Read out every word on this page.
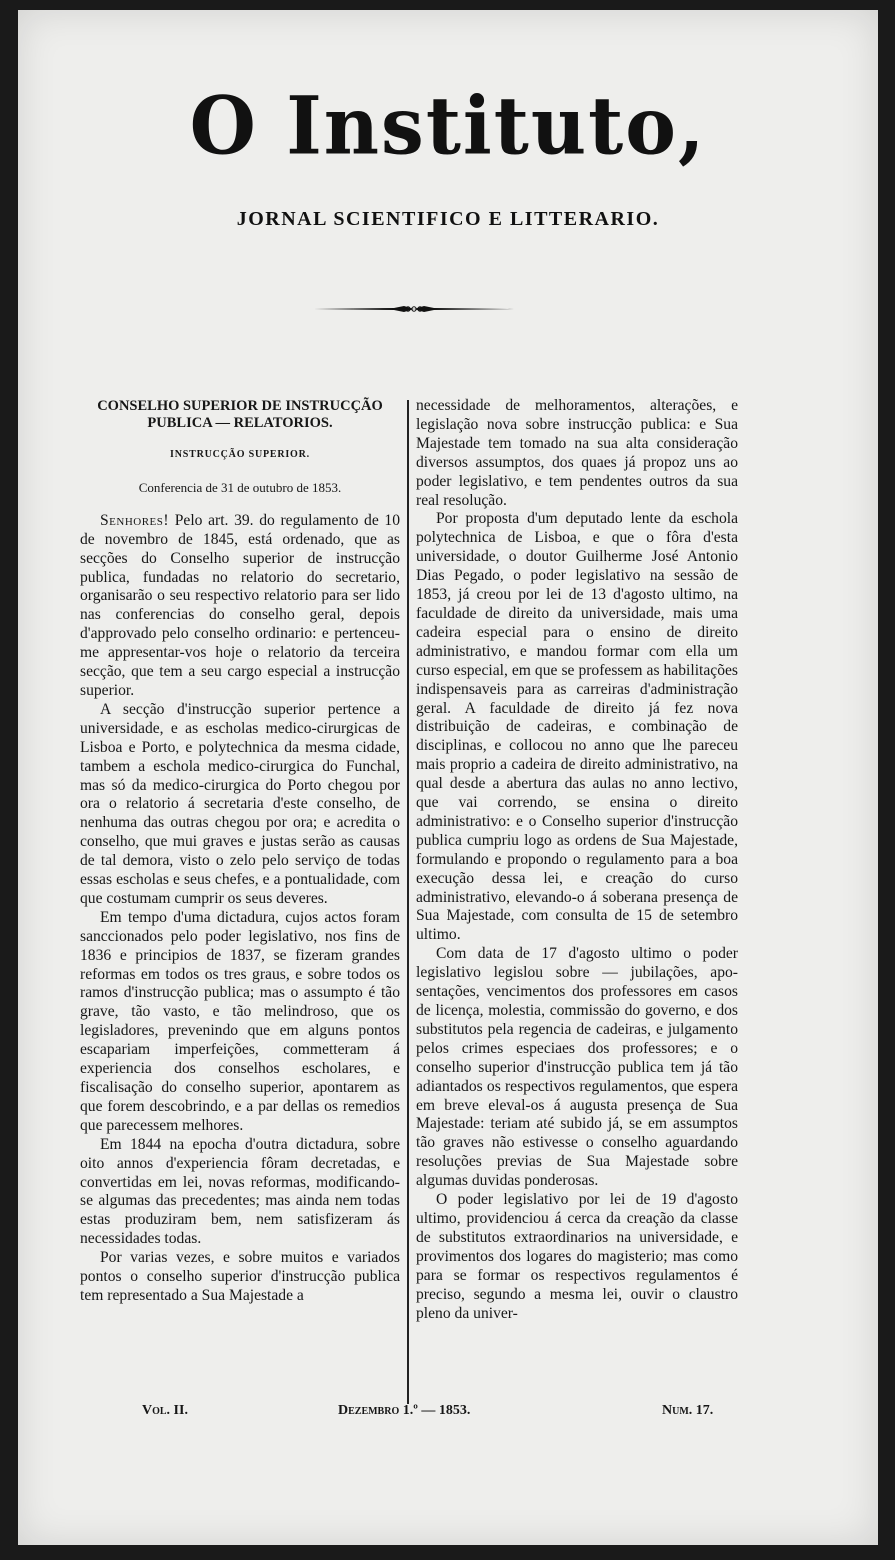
O Instituto,
JORNAL SCIENTIFICO E LITTERARIO.
CONSELHO SUPERIOR DE INSTRUCÇÃO PUBLICA — RELATORIOS.
INSTRUCÇÃO SUPERIOR.
Conferencia de 31 de outubro de 1853.

Senhores! Pelo art. 39. do regulamento de 10 de novembro de 1845, está ordenado, que as secções do Conselho superior de instrucção publica, fundadas no relatorio do secretario, organisarão o seu respectivo relatorio para ser lido nas conferencias do conselho geral, depois d'approvado pelo conselho ordinario: e pertenceu-me appresentar-vos hoje o relatorio da terceira secção, que tem a seu cargo especial a instrucção superior.

A secção d'instrucção superior pertence a universidade, e as escholas medico-cirurgicas de Lisboa e Porto, e polytechnica da mesma cidade, tambem a eschola medico-cirurgica do Funchal, mas só da medico-cirurgica do Porto chegou por ora o relatorio á secretaria d'este conselho, de nenhuma das outras chegou por ora; e acredita o conselho, que mui graves e justas serão as causas de tal demora, visto o zelo pelo serviço de todas essas escholas e seus chefes, e a pontualidade, com que costumam cumprir os seus deveres.

Em tempo d'uma dictadura, cujos actos foram sanccionados pelo poder legislativo, nos fins de 1836 e principios de 1837, se fizeram grandes reformas em todos os tres graus, e sobre todos os ramos d'instrucção publica; mas o assumpto é tão grave, tão vasto, e tão melindroso, que os legisladores, prevenindo que em alguns pontos escapariam imperfeições, commetteram á experiencia dos conselhos escholares, e fiscalisação do conselho superior, apontarem as que forem descobrindo, e a par dellas os remedios que parecessem melhores.

Em 1844 na epocha d'outra dictadura, sobre oito annos d'experiencia fôram decretadas, e convertidas em lei, novas reformas, modificando-se algumas das precedentes; mas ainda nem todas estas produziram bem, nem satisfizeram ás necessidades todas.

Por varias vezes, e sobre muitos e variados pontos o conselho superior d'instrucção publica tem representado a Sua Majestade a

necessidade de melhoramentos, alterações, e legislação nova sobre instrucção publica: e Sua Majestade tem tomado na sua alta consideração diversos assumptos, dos quaes já propoz uns ao poder legislativo, e tem pendentes outros da sua real resolução.

Por proposta d'um deputado lente da eschola polytechnica de Lisboa, e que o fôra d'esta universidade, o doutor Guilherme José Antonio Dias Pegado, o poder legislativo na sessão de 1853, já creou por lei de 13 d'agosto ultimo, na faculdade de direito da universidade, mais uma cadeira especial para o ensino de direito administrativo, e mandou formar com ella um curso especial, em que se professem as habilitações indispensaveis para as carreiras d'administração geral. A faculdade de direito já fez nova distribuição de cadeiras, e combinação de disciplinas, e collocou no anno que lhe pareceu mais proprio a cadeira de direito administrativo, na qual desde a abertura das aulas no anno lectivo, que vai correndo, se ensina o direito administrativo: e o Conselho superior d'instrucção publica cumpriu logo as ordens de Sua Majestade, formulando e propondo o regulamento para a boa execução dessa lei, e creação do curso administrativo, elevando-o á soberana presença de Sua Majestade, com consulta de 15 de setembro ultimo.

Com data de 17 d'agosto ultimo o poder legislativo legislou sobre — jubilações, apo-sentações, vencimentos dos professores em casos de licença, molestia, commissão do governo, e dos substitutos pela regencia de cadeiras, e julgamento pelos crimes especiaes dos professores; e o conselho superior d'instrucção publica tem já tão adiantados os respectivos regulamentos, que espera em breve eleval-os á augusta presença de Sua Majestade: teriam até subido já, se em assumptos tão graves não estivesse o conselho aguardando resoluções previas de Sua Majestade sobre algumas duvidas ponderosas.

O poder legislativo por lei de 19 d'agosto ultimo, providenciou á cerca da creação da classe de substitutos extraordinarios na universidade, e provimentos dos logares do magisterio; mas como para se formar os respectivos regulamentos é preciso, segundo a mesma lei, ouvir o claustro pleno da univer-

Vol. II.	Dezembro 1.º — 1853.	Num. 17.
